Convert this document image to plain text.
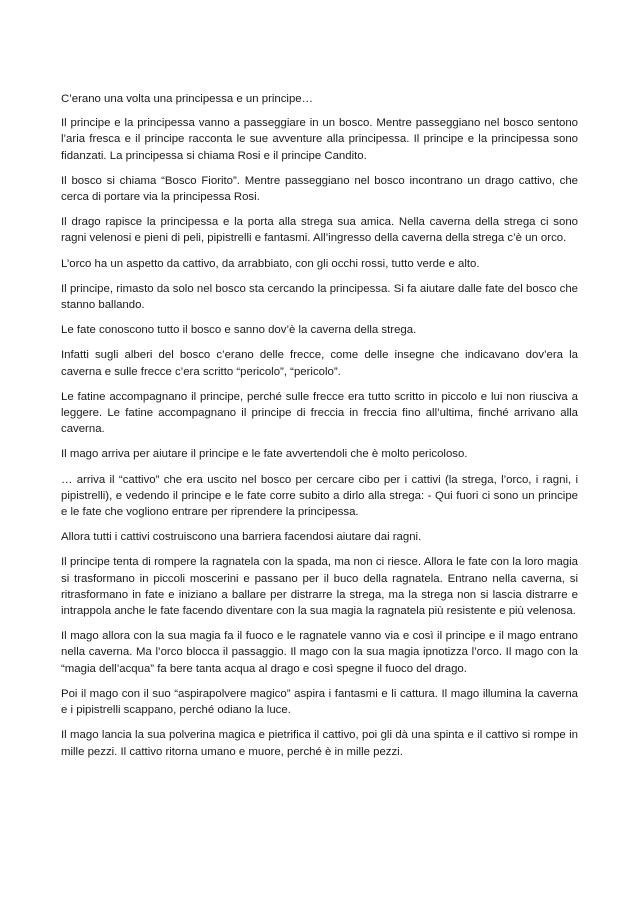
C’erano una volta una principessa e un principe…

Il principe e la principessa vanno a passeggiare in un bosco. Mentre passeggiano nel bosco sentono l’aria fresca e il principe racconta le sue avventure alla principessa. Il principe e la principessa sono fidanzati. La principessa si chiama Rosi e il principe Candito.

Il bosco si chiama “Bosco Fiorito”. Mentre passeggiano nel bosco incontrano un drago cattivo, che cerca di portare via la principessa Rosi.

Il drago rapisce la principessa e la porta alla strega sua amica. Nella caverna della strega ci sono ragni velenosi e pieni di peli, pipistrelli e fantasmi. All’ingresso della caverna della strega c’è un orco.

L’orco ha un aspetto da cattivo, da arrabbiato, con gli occhi rossi, tutto verde e alto.

Il principe, rimasto da solo nel bosco sta cercando la principessa. Si fa aiutare dalle fate del bosco che stanno ballando.

Le fate conoscono tutto il bosco e sanno dov’è la caverna della strega.

Infatti sugli alberi del bosco c’erano delle frecce, come delle insegne che indicavano dov’era la caverna e sulle frecce c’era scritto “pericolo”, “pericolo”.

Le fatine accompagnano il principe, perché sulle frecce era tutto scritto in piccolo e lui non riusciva a leggere. Le fatine accompagnano il principe di freccia in freccia fino all’ultima, finché arrivano alla caverna.

Il mago arriva per aiutare il principe e le fate avvertendoli che è molto pericoloso.

… arriva il “cattivo” che era uscito nel bosco per cercare cibo per i cattivi (la strega, l’orco, i ragni, i pipistrelli), e vedendo il principe e le fate corre subito a dirlo alla strega: - Qui fuori ci sono un principe e le fate che vogliono entrare per riprendere la principessa.

Allora tutti i cattivi costruiscono una barriera facendosi aiutare dai ragni.

Il principe tenta di rompere la ragnatela con la spada, ma non ci riesce. Allora le fate con la loro magia si trasformano in piccoli moscerini e passano per il buco della ragnatela. Entrano nella caverna, si ritrasformano in fate e iniziano a ballare per distrarre la strega, ma la strega non si lascia distrarre e intrappola anche le fate facendo diventare con la sua magia la ragnatela più resistente e più velenosa.

Il mago allora con la sua magia fa il fuoco e le ragnatele vanno via e così il principe e il mago entrano nella caverna. Ma l’orco blocca il passaggio. Il mago con la sua magia ipnotizza l’orco. Il mago con la “magia dell’acqua” fa bere tanta acqua al drago e così spegne il fuoco del drago.

Poi il mago con il suo “aspirapolvere magico” aspira i fantasmi e li cattura. Il mago illumina la caverna e i pipistrelli scappano, perché odiano la luce.

Il mago lancia la sua polverina magica e pietrifica il cattivo, poi gli dà una spinta e il cattivo si rompe in mille pezzi. Il cattivo ritorna umano e muore, perché è in mille pezzi.
